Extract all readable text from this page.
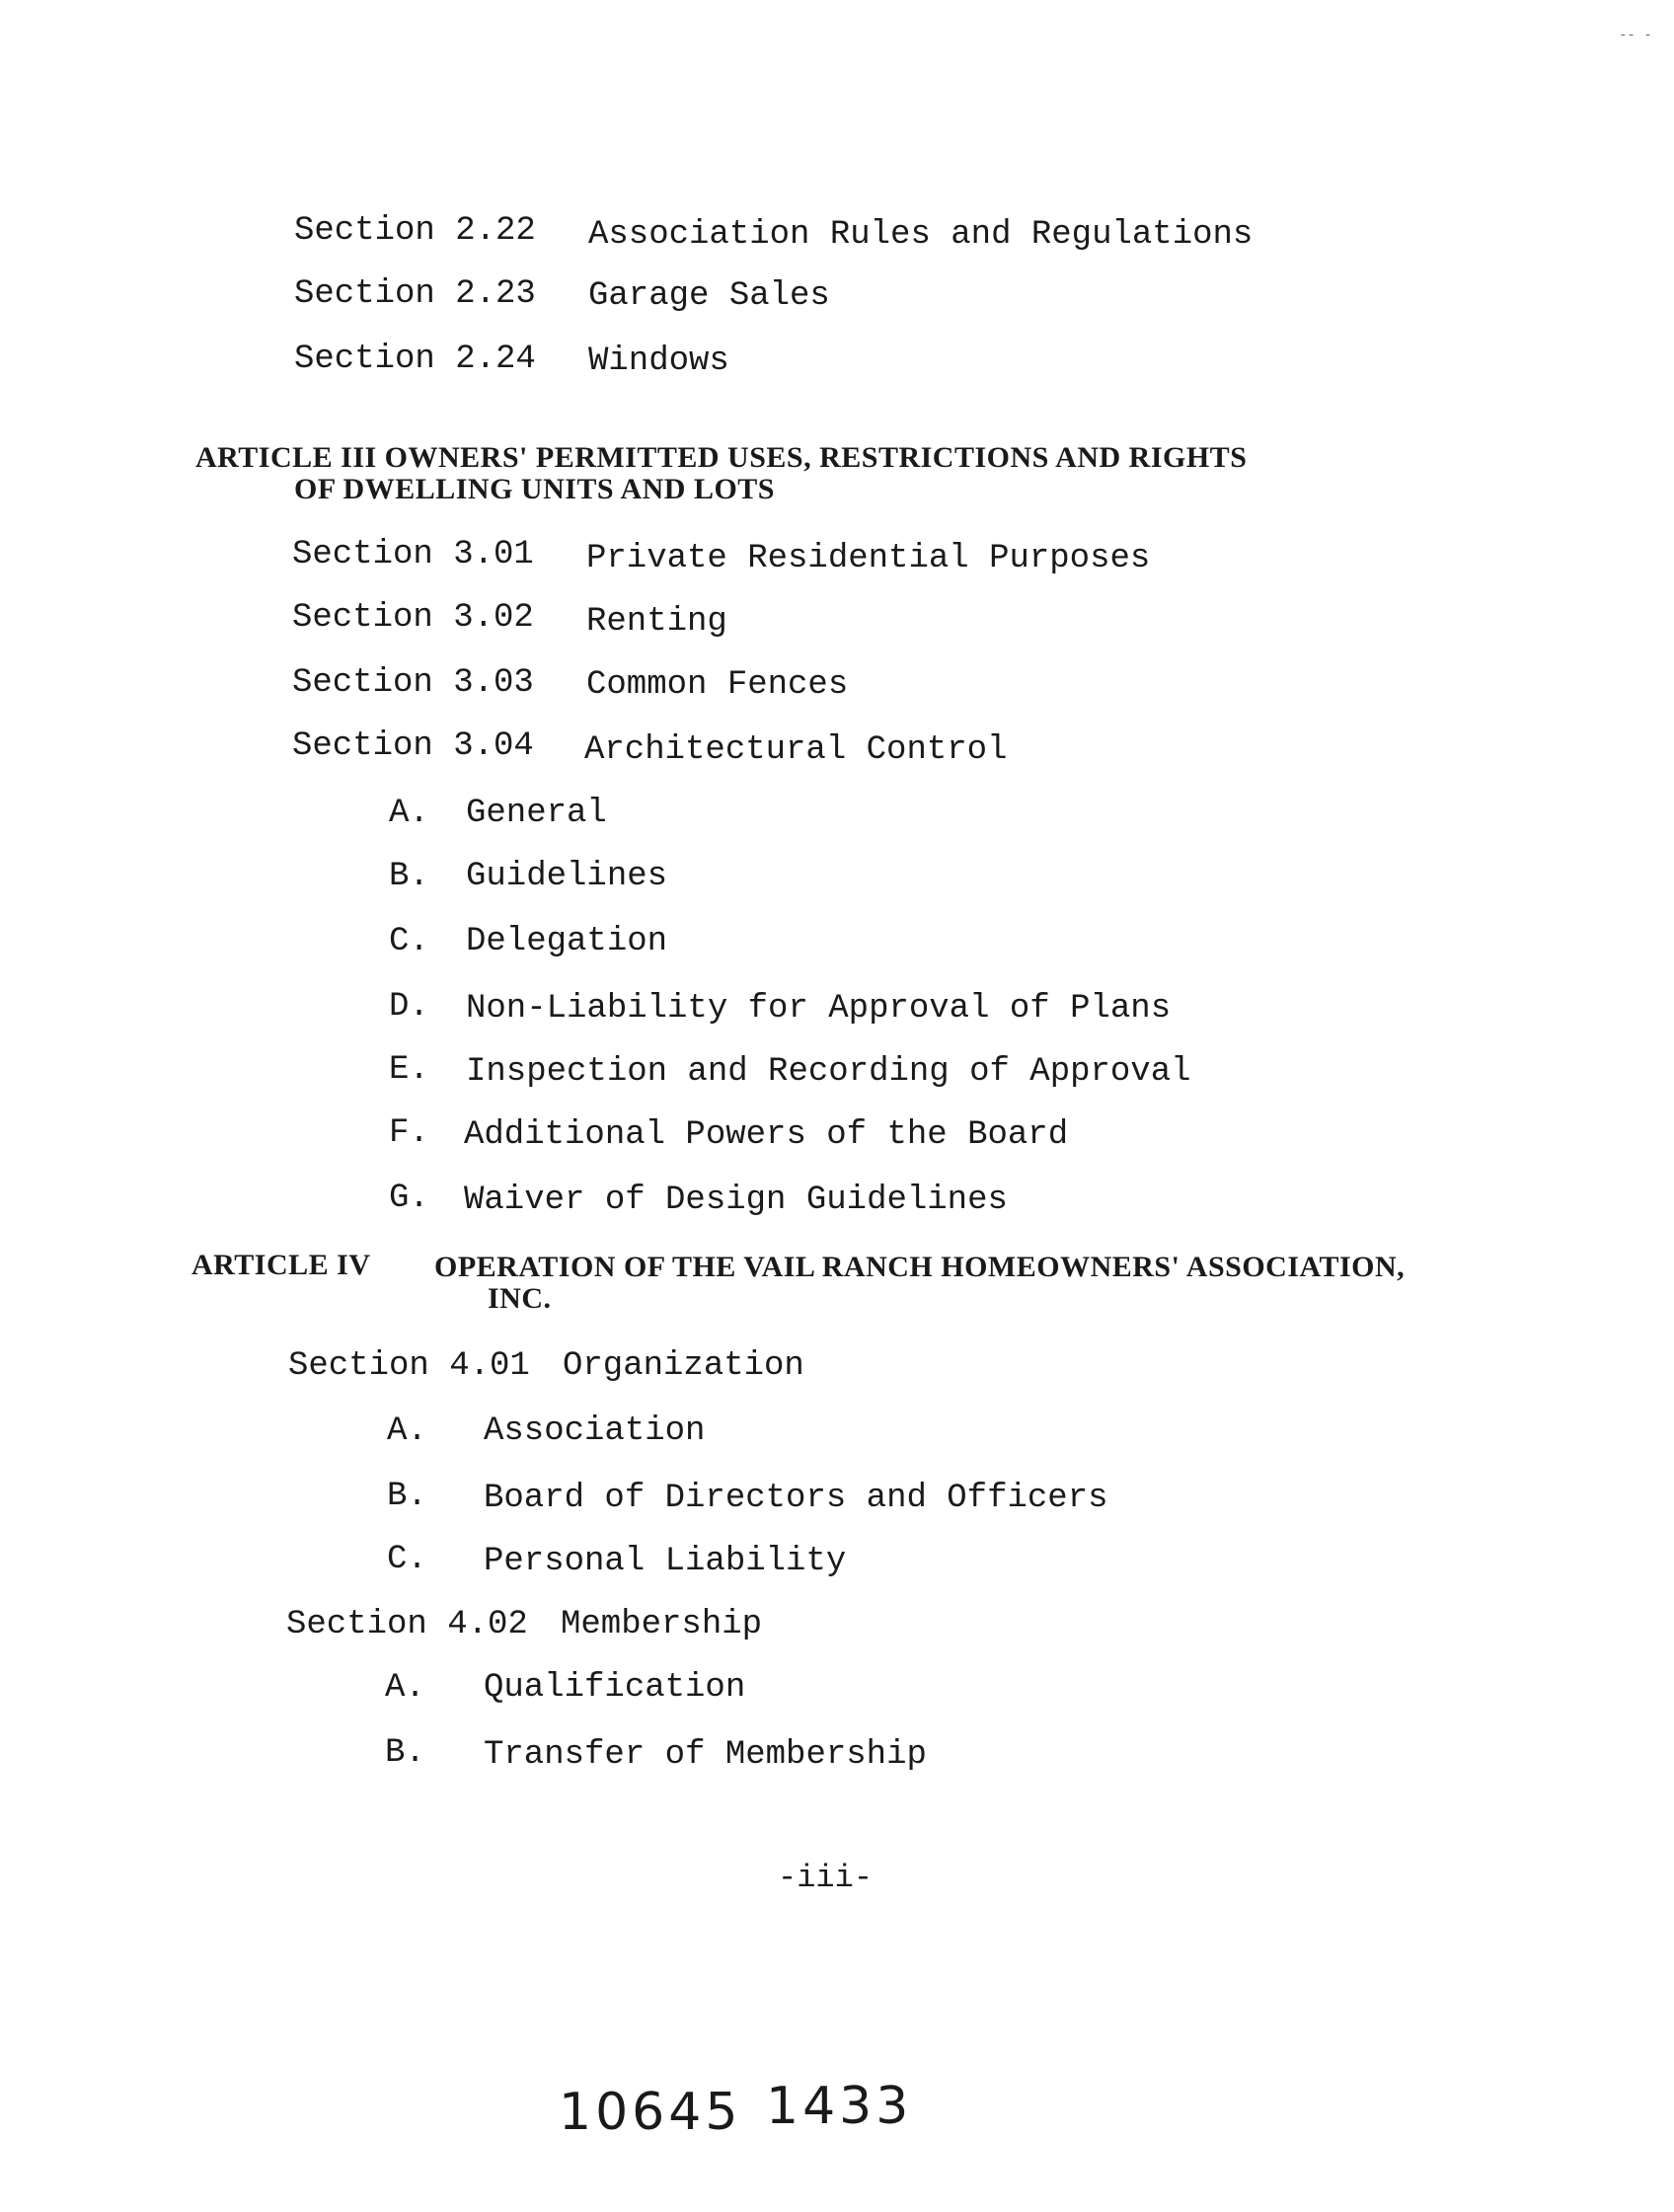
-- -
Section 2.22 Association Rules and Regulations
Section 2.23 Garage Sales
Section 2.24 Windows
ARTICLE III OWNERS' PERMITTED USES, RESTRICTIONS AND RIGHTS
OF DWELLING UNITS AND LOTS
Section 3.01 Private Residential Purposes
Section 3.02 Renting
Section 3.03 Common Fences
Section 3.04 Architectural Control
A. General
B. Guidelines
C. Delegation
D. Non-Liability for Approval of Plans
E. Inspection and Recording of Approval
F. Additional Powers of the Board
G. Waiver of Design Guidelines
ARTICLE IV OPERATION OF THE VAIL RANCH HOMEOWNERS' ASSOCIATION,
INC.
Section 4.01 Organization
A. Association
B. Board of Directors and Officers
C. Personal Liability
Section 4.02 Membership
A. Qualification
B. Transfer of Membership
-iii-
10645 1433
